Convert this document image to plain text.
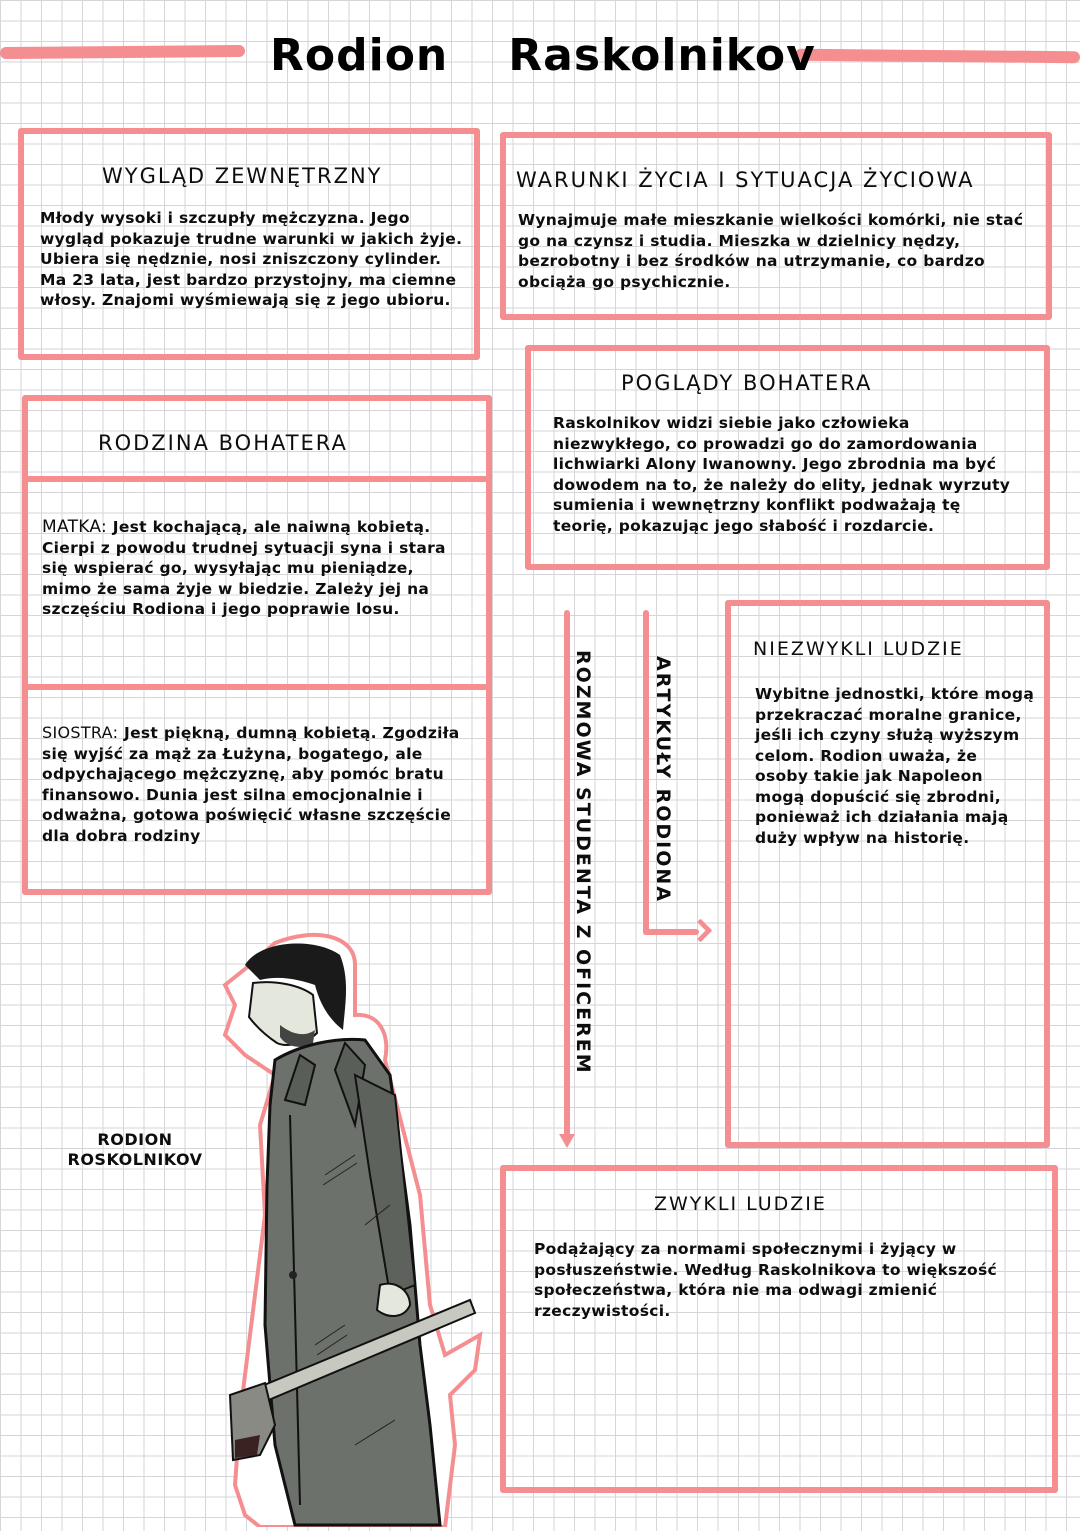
Rodion Raskolnikov
WYGLĄD ZEWNĘTRZNY
Młody wysoki i szczupły mężczyzna. Jego wygląd pokazuje trudne warunki w jakich żyje. Ubiera się nędznie, nosi zniszczony cylinder. Ma 23 lata, jest bardzo przystojny, ma ciemne włosy. Znajomi wyśmiewają się z jego ubioru.
WARUNKI ŻYCIA I SYTUACJA ŻYCIOWA
Wynajmuje małe mieszkanie wielkości komórki, nie stać go na czynsz i studia. Mieszka w dzielnicy nędzy, bezrobotny i bez środków na utrzymanie, co bardzo obciąża go psychicznie.
POGLĄDY BOHATERA
Raskolnikov widzi siebie jako człowieka niezwykłego, co prowadzi go do zamordowania lichwiarki Alony Iwanowny. Jego zbrodnia ma być dowodem na to, że należy do elity, jednak wyrzuty sumienia i wewnętrzny konflikt podważają tę teorię, pokazując jego słabość i rozdarcie.
RODZINA BOHATERA
MATKA: Jest kochającą, ale naiwną kobietą. Cierpi z powodu trudnej sytuacji syna i stara się wspierać go, wysyłając mu pieniądze, mimo że sama żyje w biedzie. Zależy jej na szczęściu Rodiona i jego poprawie losu.
SIOSTRA: Jest piękną, dumną kobietą. Zgodziła się wyjść za mąż za Łużyna, bogatego, ale odpychającego mężczyznę, aby pomóc bratu finansowo. Dunia jest silna emocjonalnie i odważna, gotowa poświęcić własne szczęście dla dobra rodziny	ROZMOWA STUDENTA Z OFICEREM	ARTYKUŁY RODIONA
NIEZWYKLI LUDZIE
Wybitne jednostki, które mogą przekraczać moralne granice, jeśli ich czyny służą wyższym celom. Rodion uważa, że osoby takie jak Napoleon mogą dopuścić się zbrodni, ponieważ ich działania mają duży wpływ na historię.
ZWYKLI LUDZIE
Podążający za normami społecznymi i żyjący w posłuszeństwie. Według Raskolnikova to większość społeczeństwa, która nie ma odwagi zmienić rzeczywistości.
RODION
ROSKOLNIKOV
